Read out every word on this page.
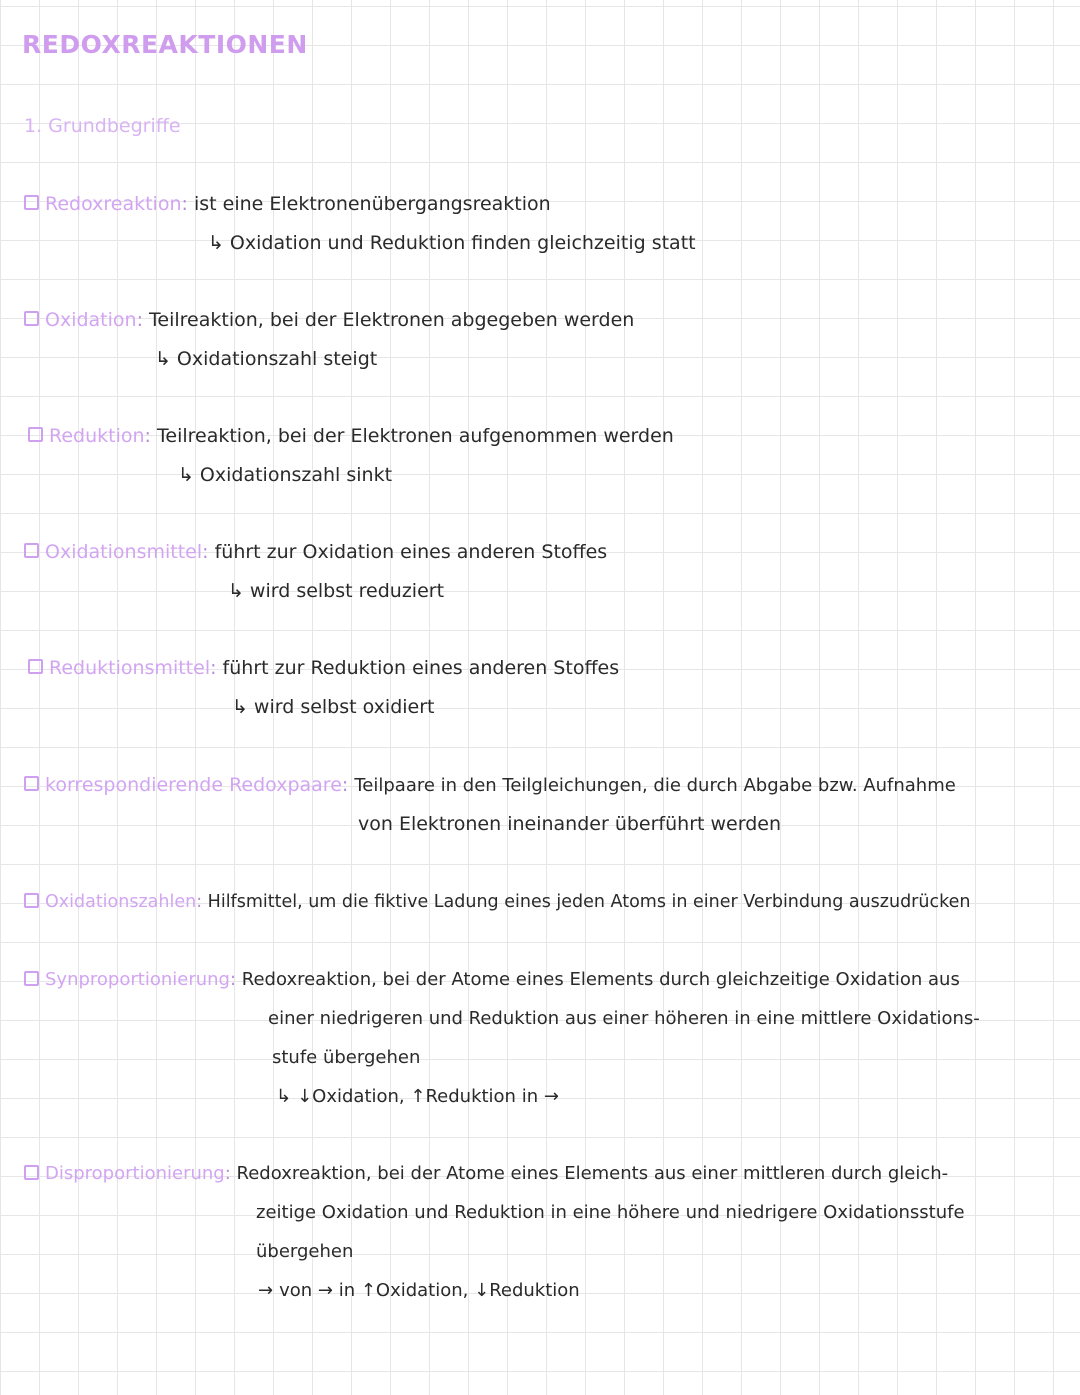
REDOXREAKTIONEN
1. Grundbegriffe
Redoxreaktion: ist eine Elektronenübergangsreaktion
↳ Oxidation und Reduktion finden gleichzeitig statt
Oxidation: Teilreaktion, bei der Elektronen abgegeben werden
↳ Oxidationszahl steigt
Reduktion: Teilreaktion, bei der Elektronen aufgenommen werden
↳ Oxidationszahl sinkt
Oxidationsmittel: führt zur Oxidation eines anderen Stoffes
↳ wird selbst reduziert
Reduktionsmittel: führt zur Reduktion eines anderen Stoffes
↳ wird selbst oxidiert
korrespondierende Redoxpaare: Teilpaare in den Teilgleichungen, die durch Abgabe bzw. Aufnahme
von Elektronen ineinander überführt werden
Oxidationszahlen: Hilfsmittel, um die fiktive Ladung eines jeden Atoms in einer Verbindung auszudrücken
Synproportionierung: Redoxreaktion, bei der Atome eines Elements durch gleichzeitige Oxidation aus
einer niedrigeren und Reduktion aus einer höheren in eine mittlere Oxidations-
stufe übergehen
↳ ↓Oxidation, ↑Reduktion in →
Disproportionierung: Redoxreaktion, bei der Atome eines Elements aus einer mittleren durch gleich-
zeitige Oxidation und Reduktion in eine höhere und niedrigere Oxidationsstufe
übergehen
→ von → in ↑Oxidation, ↓Reduktion
